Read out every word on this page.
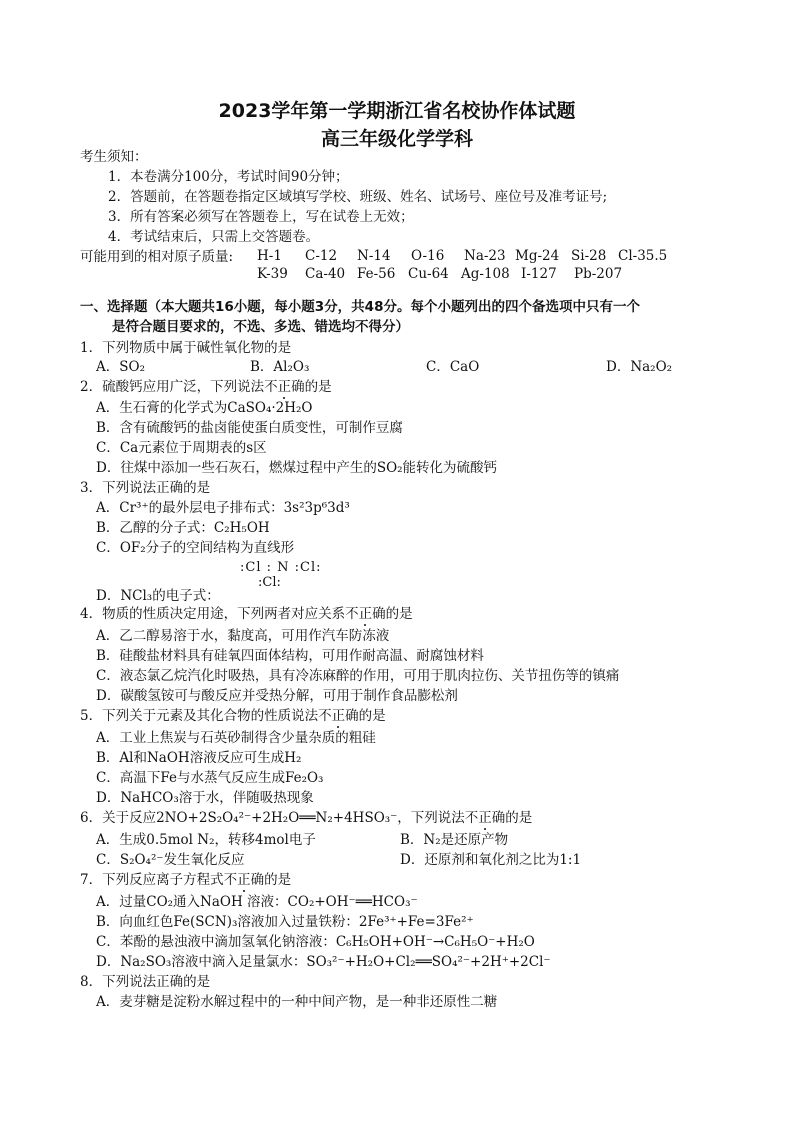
2023学年第一学期浙江省名校协作体试题
高三年级化学学科
考生须知：
1．本卷满分100分，考试时间90分钟；
2．答题前，在答题卷指定区域填写学校、班级、姓名、试场号、座位号及准考证号;
3．所有答案必须写在答题卷上，写在试卷上无效；
4．考试结束后，只需上交答题卷。
可能用到的相对原子质量: H-1 C-12 N-14 O-16 Na-23 Mg-24 Si-28 Cl-35.5
K-39 Ca-40 Fe-56 Cu-64 Ag-108 I-127 Pb-207
一、选择题（本大题共16小题，每小题3分，共48分。每个小题列出的四个备选项中只有一个
是符合题目要求的，不选、多选、错选均不得分）
1．下列物质中属于碱性氧化物的是
A．SO₂	B．Al₂O₃	C．CaO	D．Na₂O₂
2．硫酸钙应用广泛，下列说法不正确的是
A．生石膏的化学式为CaSO₄·2H₂O
B．含有硫酸钙的盐卤能使蛋白质变性，可制作豆腐
C．Ca元素位于周期表的s区
D．往煤中添加一些石灰石，燃煤过程中产生的SO₂能转化为硫酸钙
3．下列说法正确的是
A．Cr³⁺的最外层电子排布式：3s²3p⁶3d³
B．乙醇的分子式：C₂H₅OH
C．OF₂分子的空间结构为直线形
:Cl : N :Cl:
:Cl:
D．NCl₃的电子式：
4．物质的性质决定用途，下列两者对应关系不正确的是
A．乙二醇易溶于水，黏度高，可用作汽车防冻液
B．硅酸盐材料具有硅氧四面体结构，可用作耐高温、耐腐蚀材料
C．液态氯乙烷汽化时吸热，具有冷冻麻醉的作用，可用于肌肉拉伤、关节扭伤等的镇痛
D．碳酸氢铵可与酸反应并受热分解，可用于制作食品膨松剂
5．下列关于元素及其化合物的性质说法不正确的是
A．工业上焦炭与石英砂制得含少量杂质的粗硅
B．Al和NaOH溶液反应可生成H₂
C．高温下Fe与水蒸气反应生成Fe₂O₃
D．NaHCO₃溶于水，伴随吸热现象
6．关于反应2NO+2S₂O₄²⁻+2H₂O══N₂+4HSO₃⁻，下列说法不正确的是
A．生成0.5mol N₂，转移4mol电子	B．N₂是还原产物
C．S₂O₄²⁻发生氧化反应	D．还原剂和氧化剂之比为1:1
7．下列反应离子方程式不正确的是
A．过量CO₂通入NaOH 溶液：CO₂+OH⁻══HCO₃⁻
B．向血红色Fe(SCN)₃溶液加入过量铁粉：2Fe³⁺+Fe=3Fe²⁺
C．苯酚的悬浊液中滴加氢氧化钠溶液：C₆H₅OH+OH⁻→C₆H₅O⁻+H₂O
D．Na₂SO₃溶液中滴入足量氯水：SO₃²⁻+H₂O+Cl₂══SO₄²⁻+2H⁺+2Cl⁻
8．下列说法正确的是
A．麦芽糖是淀粉水解过程中的一种中间产物，是一种非还原性二糖
